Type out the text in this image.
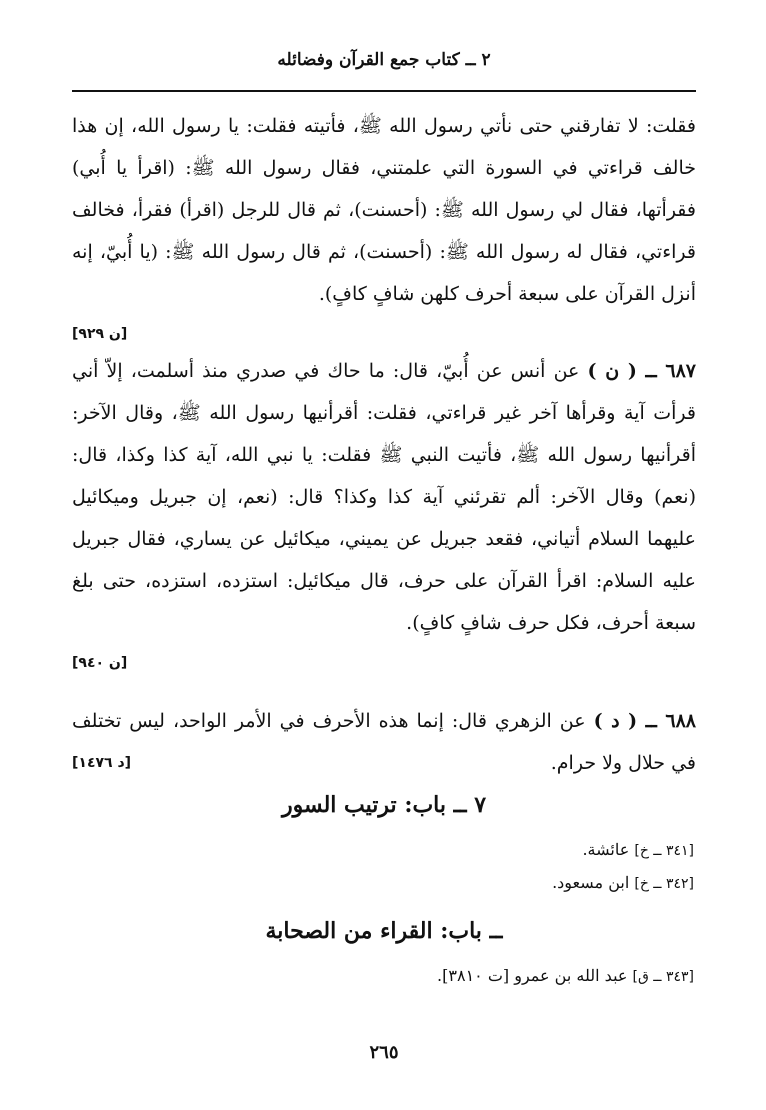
٢ ــ كتاب جمع القرآن وفضائله

فقلت: لا تفارقني حتى نأتي رسول الله ﷺ، فأتيته فقلت: يا رسول الله، إن هذا خالف قراءتي في السورة التي علمتني، فقال رسول الله ﷺ: (اقرأ يا أُبي) فقرأتها، فقال لي رسول الله ﷺ: (أحسنت)، ثم قال للرجل (اقرأ) فقرأ، فخالف قراءتي، فقال له رسول الله ﷺ: (أحسنت)، ثم قال رسول الله ﷺ: (يا أُبيّ، إنه أنزل القرآن على سبعة أحرف كلهن شافٍ كافٍ).

[ن ٩٢٩]

٦٨٧ ــ ( ن ) عن أنس عن أُبيّ، قال: ما حاك في صدري منذ أسلمت، إلاّ أني قرأت آية وقرأها آخر غير قراءتي، فقلت: أقرأنيها رسول الله ﷺ، وقال الآخر: أقرأنيها رسول الله ﷺ، فأتيت النبي ﷺ فقلت: يا نبي الله، آية كذا وكذا، قال: (نعم) وقال الآخر: ألم تقرئني آية كذا وكذا؟ قال: (نعم، إن جبريل وميكائيل عليهما السلام أتياني، فقعد جبريل عن يميني، ميكائيل عن يساري، فقال جبريل عليه السلام: اقرأ القرآن على حرف، قال ميكائيل: استزده، استزده، حتى بلغ سبعة أحرف، فكل حرف شافٍ كافٍ).

[ن ٩٤٠]

٦٨٨ ــ ( د ) عن الزهري قال: إنما هذه الأحرف في الأمر الواحد، ليس تختلف في حلال ولا حرام.

[د ١٤٧٦]
٧ ــ باب: ترتيب السور
[٣٤١ ــ خ] عائشة.
[٣٤٢ ــ خ] ابن مسعود.
ــ باب: القراء من الصحابة
[٣٤٣ ــ ق] عبد الله بن عمرو [ت ٣٨١٠].
٢٦٥
